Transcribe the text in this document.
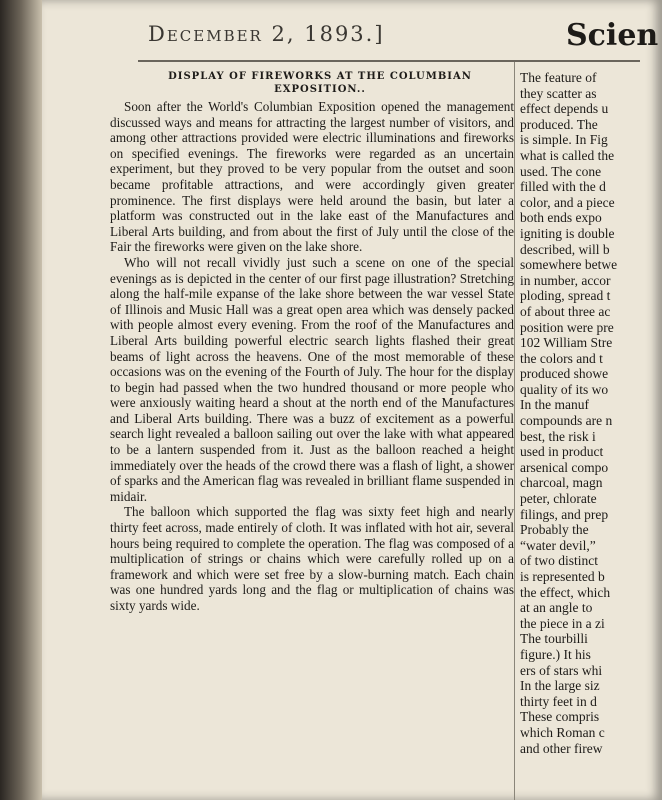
December 2, 1893.]	Scien
DISPLAY OF FIREWORKS AT THE COLUMBIAN EXPOSITION..

Soon after the World's Columbian Exposition opened the management discussed ways and means for attracting the largest number of visitors, and among other attractions provided were electric illuminations and fireworks on specified evenings. The fireworks were regarded as an uncertain experiment, but they proved to be very popular from the outset and soon became profitable attractions, and were accordingly given greater prominence. The first displays were held around the basin, but later a platform was constructed out in the lake east of the Manufactures and Liberal Arts building, and from about the first of July until the close of the Fair the fireworks were given on the lake shore.

Who will not recall vividly just such a scene on one of the special evenings as is depicted in the center of our first page illustration? Stretching along the half-mile expanse of the lake shore between the war vessel State of Illinois and Music Hall was a great open area which was densely packed with people almost every evening. From the roof of the Manufactures and Liberal Arts building powerful electric search lights flashed their great beams of light across the heavens. One of the most memorable of these occasions was on the evening of the Fourth of July. The hour for the display to begin had passed when the two hundred thousand or more people who were anxiously waiting heard a shout at the north end of the Manufactures and Liberal Arts building. There was a buzz of excitement as a powerful search light revealed a balloon sailing out over the lake with what appeared to be a lantern suspended from it. Just as the balloon reached a height immediately over the heads of the crowd there was a flash of light, a shower of sparks and the American flag was revealed in brilliant flame suspended in midair.

The balloon which supported the flag was sixty feet high and nearly thirty feet across, made entirely of cloth. It was inflated with hot air, several hours being required to complete the operation. The flag was composed of a multiplication of strings or chains which were carefully rolled up on a framework and which were set free by a slow-burning match. Each chain was one hundred yards long and the flag or multiplication of chains was sixty yards wide.

The feature of
they scatter as
effect depends u
produced. The
is simple. In Fig
what is called the
used. The cone
filled with the d
color, and a piece
both ends expo
igniting is double
described, will b
somewhere betwe
in number, accor
ploding, spread t
of about three ac
position were pre
102 William Stre
the colors and t
produced showe
quality of its wo
In the manuf
compounds are n
best, the risk i
used in product
arsenical compo
charcoal, magn
peter, chlorate
filings, and prep
Probably the
“water devil,”
of two distinct
is represented b
the effect, which
at an angle to
the piece in a zi
The tourbilli
figure.) It his
ers of stars whi
In the large siz
thirty feet in d
These compris
which Roman c
and other firew
